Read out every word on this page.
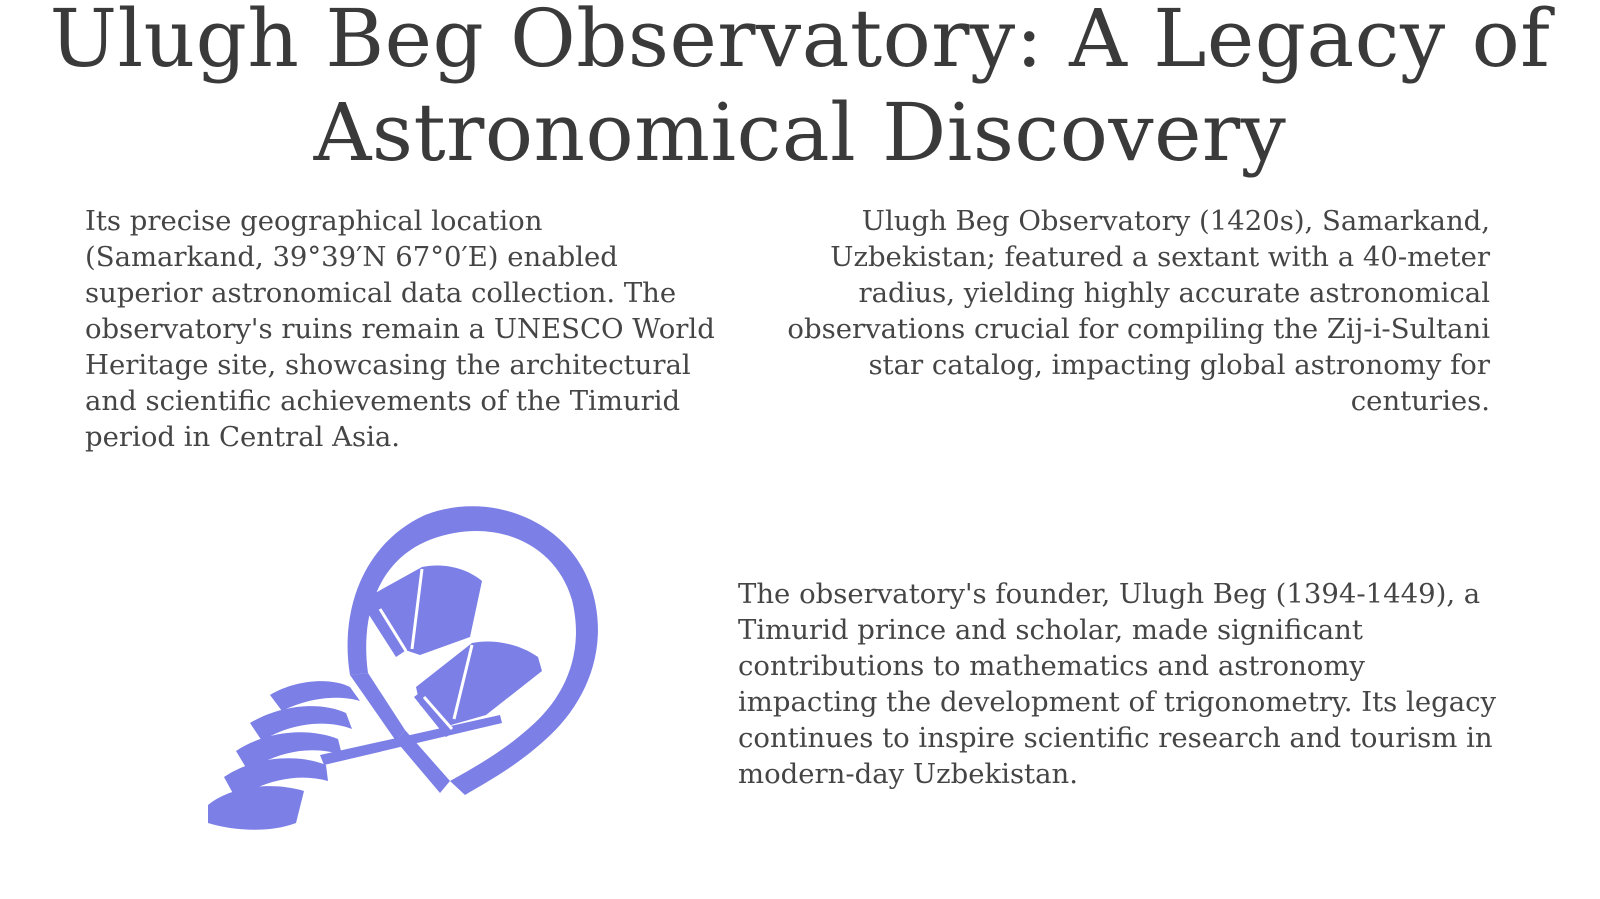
Ulugh Beg Observatory: A Legacy of Astronomical Discovery

Its precise geographical location (Samarkand, 39°39′N 67°0′E) enabled superior astronomical data collection. The observatory's ruins remain a UNESCO World Heritage site, showcasing the architectural and scientific achievements of the Timurid period in Central Asia.

Ulugh Beg Observatory (1420s), Samarkand, Uzbekistan; featured a sextant with a 40-meter radius, yielding highly accurate astronomical observations crucial for compiling the Zij-i-Sultani star catalog, impacting global astronomy for centuries.

The observatory's founder, Ulugh Beg (1394-1449), a Timurid prince and scholar, made significant contributions to mathematics and astronomy impacting the development of trigonometry. Its legacy continues to inspire scientific research and tourism in modern-day Uzbekistan.
